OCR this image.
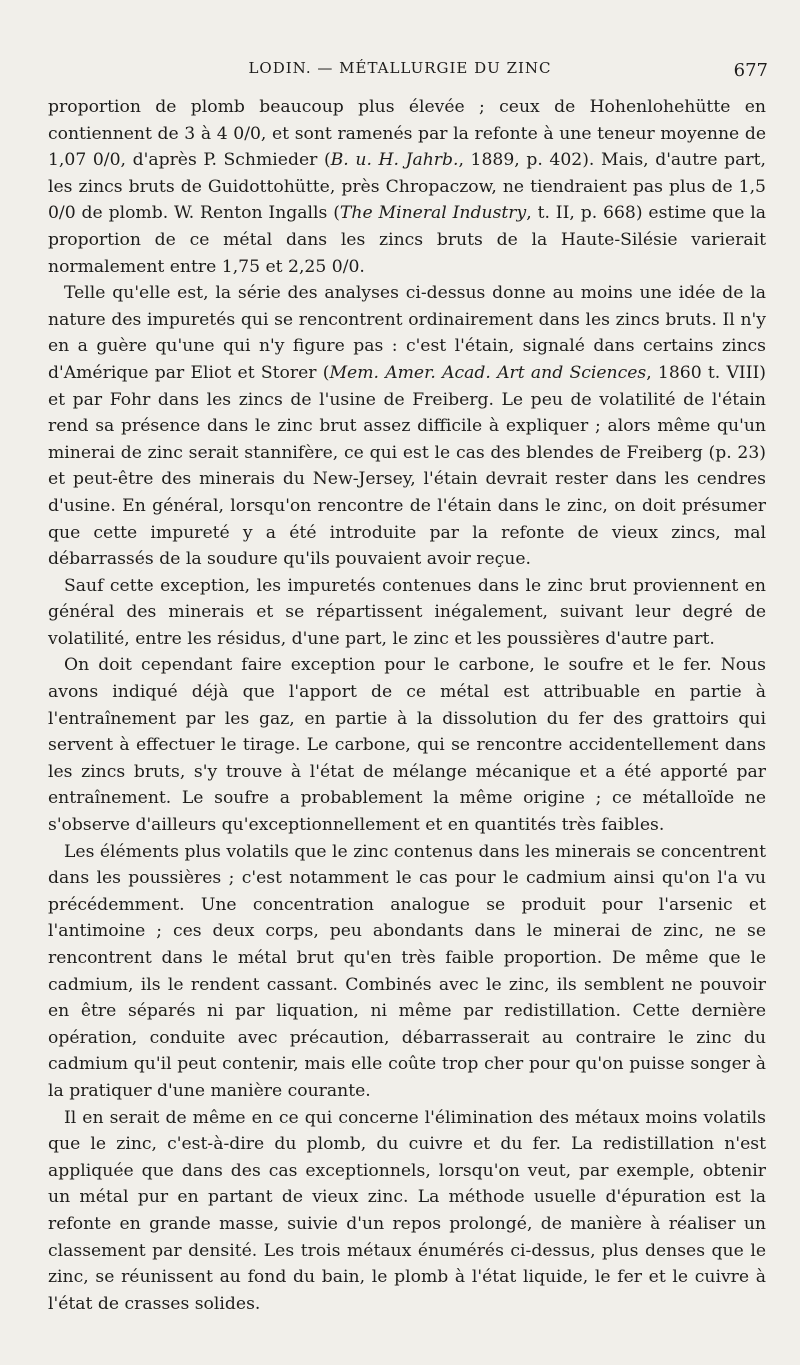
LODIN. — MÉTALLURGIE DU ZINC	677

proportion de plomb beaucoup plus élevée ; ceux de Hohenlohehütte en contiennent de 3 à 4 0/0, et sont ramenés par la refonte à une teneur moyenne de 1,07 0/0, d'après P. Schmieder (B. u. H. Jahrb., 1889, p. 402). Mais, d'autre part, les zincs bruts de Guidottohütte, près Chropaczow, ne tiendraient pas plus de 1,5 0/0 de plomb. W. Renton Ingalls (The Mineral Industry, t. II, p. 668) estime que la proportion de ce métal dans les zincs bruts de la Haute-Silésie varierait normalement entre 1,75 et 2,25 0/0.

Telle qu'elle est, la série des analyses ci-dessus donne au moins une idée de la nature des impuretés qui se rencontrent ordinairement dans les zincs bruts. Il n'y en a guère qu'une qui n'y figure pas : c'est l'étain, signalé dans certains zincs d'Amérique par Eliot et Storer (Mem. Amer. Acad. Art and Sciences, 1860 t. VIII) et par Fohr dans les zincs de l'usine de Freiberg. Le peu de volatilité de l'étain rend sa présence dans le zinc brut assez difficile à expliquer ; alors même qu'un minerai de zinc serait stannifère, ce qui est le cas des blendes de Freiberg (p. 23) et peut-être des minerais du New-Jersey, l'étain devrait rester dans les cendres d'usine. En général, lorsqu'on rencontre de l'étain dans le zinc, on doit présumer que cette impureté y a été introduite par la refonte de vieux zincs, mal débarrassés de la soudure qu'ils pouvaient avoir reçue.

Sauf cette exception, les impuretés contenues dans le zinc brut proviennent en général des minerais et se répartissent inégalement, suivant leur degré de volatilité, entre les résidus, d'une part, le zinc et les poussières d'autre part.

On doit cependant faire exception pour le carbone, le soufre et le fer. Nous avons indiqué déjà que l'apport de ce métal est attribuable en partie à l'entraînement par les gaz, en partie à la dissolution du fer des grattoirs qui servent à effectuer le tirage. Le carbone, qui se rencontre accidentellement dans les zincs bruts, s'y trouve à l'état de mélange mécanique et a été apporté par entraînement. Le soufre a probablement la même origine ; ce métalloïde ne s'observe d'ailleurs qu'exceptionnellement et en quantités très faibles.

Les éléments plus volatils que le zinc contenus dans les minerais se concentrent dans les poussières ; c'est notamment le cas pour le cadmium ainsi qu'on l'a vu précédemment. Une concentration analogue se produit pour l'arsenic et l'antimoine ; ces deux corps, peu abondants dans le minerai de zinc, ne se rencontrent dans le métal brut qu'en très faible proportion. De même que le cadmium, ils le rendent cassant. Combinés avec le zinc, ils semblent ne pouvoir en être séparés ni par liquation, ni même par redistillation. Cette dernière opération, conduite avec précaution, débarrasserait au contraire le zinc du cadmium qu'il peut contenir, mais elle coûte trop cher pour qu'on puisse songer à la pratiquer d'une manière courante.

Il en serait de même en ce qui concerne l'élimination des métaux moins volatils que le zinc, c'est-à-dire du plomb, du cuivre et du fer. La redistillation n'est appliquée que dans des cas exceptionnels, lorsqu'on veut, par exemple, obtenir un métal pur en partant de vieux zinc. La méthode usuelle d'épuration est la refonte en grande masse, suivie d'un repos prolongé, de manière à réaliser un classement par densité. Les trois métaux énumérés ci-dessus, plus denses que le zinc, se réunissent au fond du bain, le plomb à l'état liquide, le fer et le cuivre à l'état de crasses solides.
